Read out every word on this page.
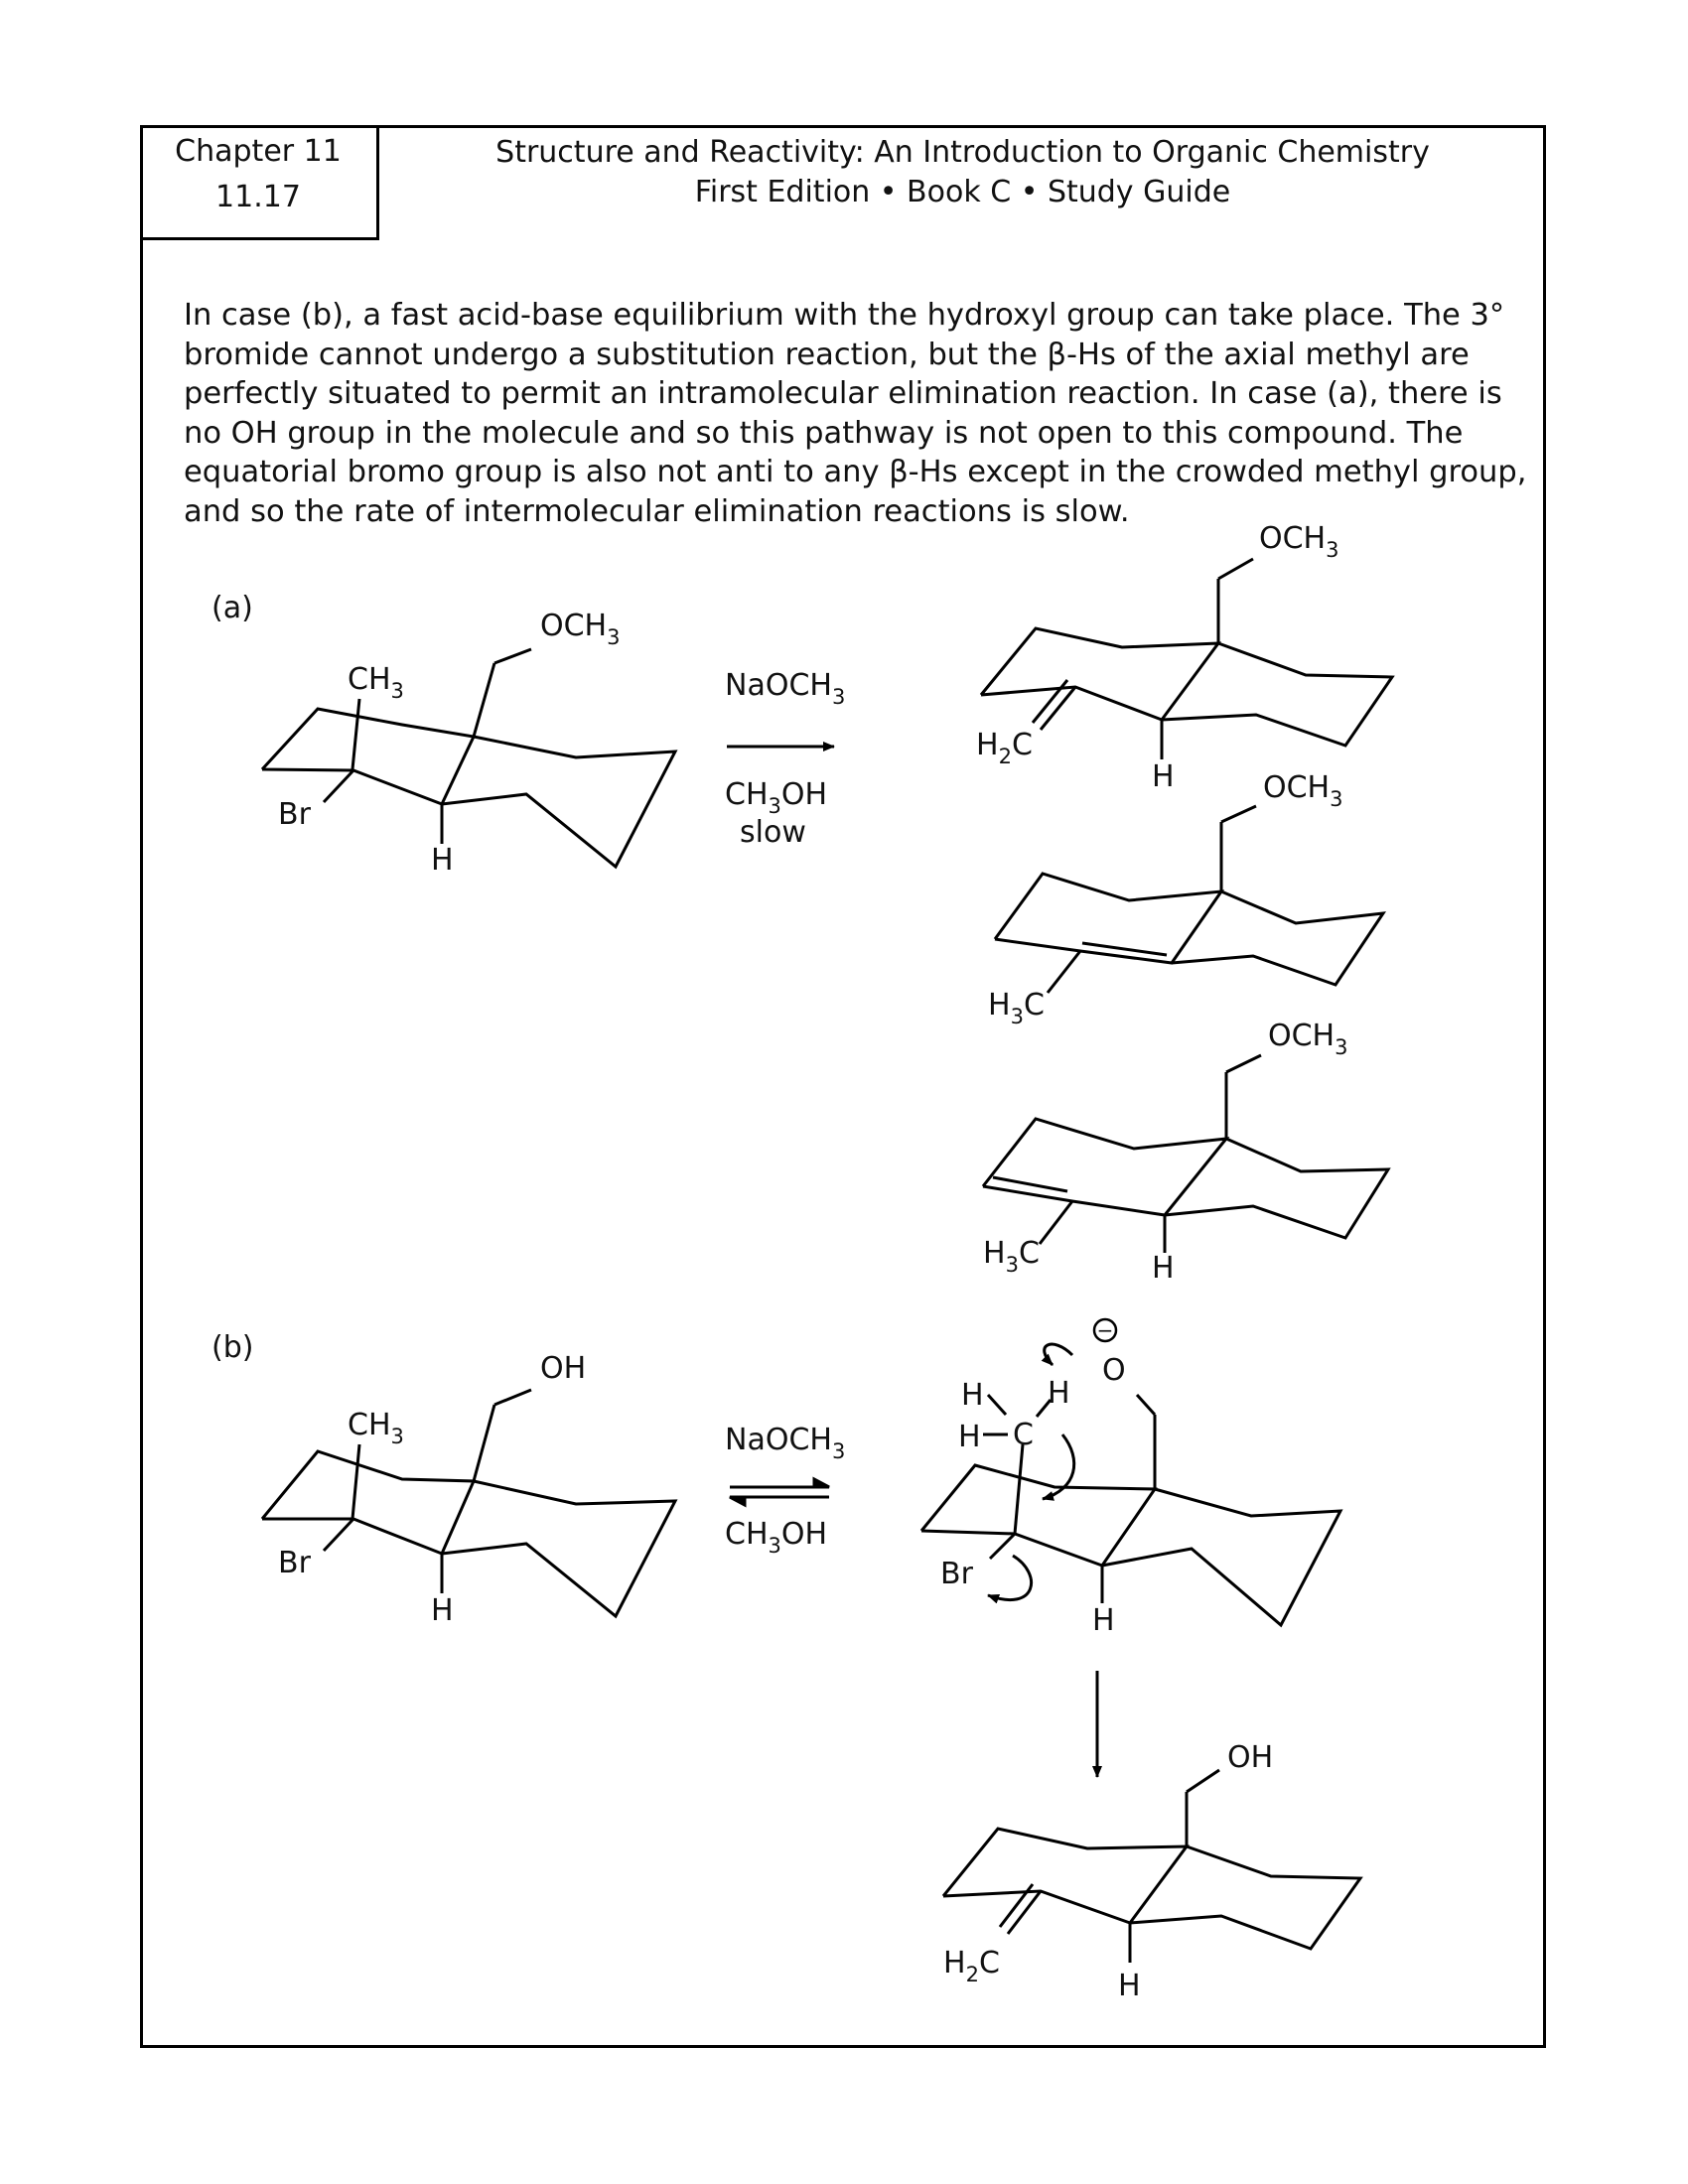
Chapter 11
11.17
Structure and Reactivity: An Introduction to Organic Chemistry
First Edition • Book C • Study Guide

In case (b), a fast acid-base equilibrium with the hydroxyl group can take place. The 3° bromide cannot undergo a substitution reaction, but the β-Hs of the axial methyl are perfectly situated to permit an intramolecular elimination reaction. In case (a), there is no OH group in the molecule and so this pathway is not open to this compound. The equatorial bromo group is also not anti to any β-Hs except in the crowded methyl group, and so the rate of intermolecular elimination reactions is slow.

(a)
$OCH_3$
$CH_3$
Br
H
NaOCH$_3$
$CH_3OH$
slow
$OCH_3$
$H_2C$
H	$OCH_3$
$H_3C$
$OCH_3$
$H_3C$	H
(b)
OH
$CH_3$
Br
H
NaOCH$_3$
$CH_3OH$
−
O
C
H
H
H
Br
H
OH
$H_2C$
H
